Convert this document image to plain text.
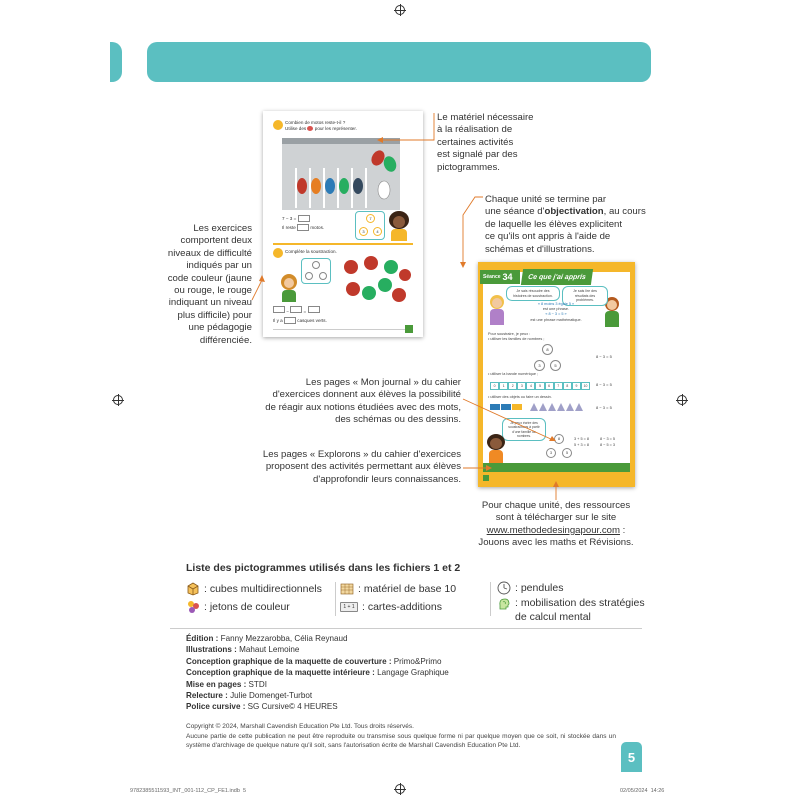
Combien de motos reste-t-il ?
Utilise des pour les représenter.
7 − 3 =
Il reste	motos.
7
3	4
Complète la soustraction.
−	=
Il y a	casques verts.
Séance 34	Ce que j'ai appris
Je sais résoudre des histoires de soustraction.
Je sais lire des résultats des problèmes.
« 8 moins 3 égale 5 »
est une phrase.
« 8 − 3 = 5 »
est une phrase mathématique.
Pour soustraire, je peux :
• utiliser les familles de nombres ;
8
3	5
8 − 3 = 5
• utiliser la bande numérique ;
0	1	2	3	4	5	6	7	8	9	10	8 − 3 = 5
• utiliser des objets ou faire un dessin.
8 − 3 = 5
Je peux écrire des soustractions à partir d'une famille de nombres.
8
3	5
3 + 5 = 8
5 + 3 = 8
8 − 3 = 5
8 − 5 = 3
Le matériel nécessaire
à la réalisation de
certaines activités
est signalé par des
pictogrammes.
Chaque unité se termine par
une séance d'objectivation, au cours
de laquelle les élèves explicitent
ce qu'ils ont appris à l'aide de
schémas et d'illustrations.
Les exercices
comportent deux
niveaux de difficulté
indiqués par un
code couleur (jaune
ou rouge, le rouge
indiquant un niveau
plus difficile) pour
une pédagogie
différenciée.
Les pages « Mon journal » du cahier
d'exercices donnent aux élèves la possibilité
de réagir aux notions étudiées avec des mots,
des schémas ou des dessins.
Les pages « Explorons » du cahier d'exercices
proposent des activités permettant aux élèves
d'approfondir leurs connaissances.
Pour chaque unité, des ressources
sont à télécharger sur le site
www.methodedesingapour.com :
Jouons avec les maths et Révisions.
Liste des pictogrammes utilisés dans les fichiers 1 et 2
: cubes multidirectionnels
: jetons de couleur
: matériel de base 10
1 + 1 : cartes-additions
: pendules
: mobilisation des stratégies
de calcul mental
Édition : Fanny Mezzarobba, Célia Reynaud
Illustrations : Mahaut Lemoine
Conception graphique de la maquette de couverture : Primo&Primo
Conception graphique de la maquette intérieure : Langage Graphique
Mise en pages : STDI
Relecture : Julie Domenget-Turbot
Police cursive : SG Cursive© 4 HEURES
Copyright © 2024, Marshall Cavendish Education Pte Ltd. Tous droits réservés.
Aucune partie de cette publication ne peut être reproduite ou transmise sous quelque forme ni par quelque moyen que ce soit, ni stockée dans un système d'archivage de quelque nature qu'il soit, sans l'autorisation écrite de Marshall Cavendish Education Pte Ltd.
5
9782385511593_INT_001-112_CP_FE1.indb 5	02/05/2024 14:26
